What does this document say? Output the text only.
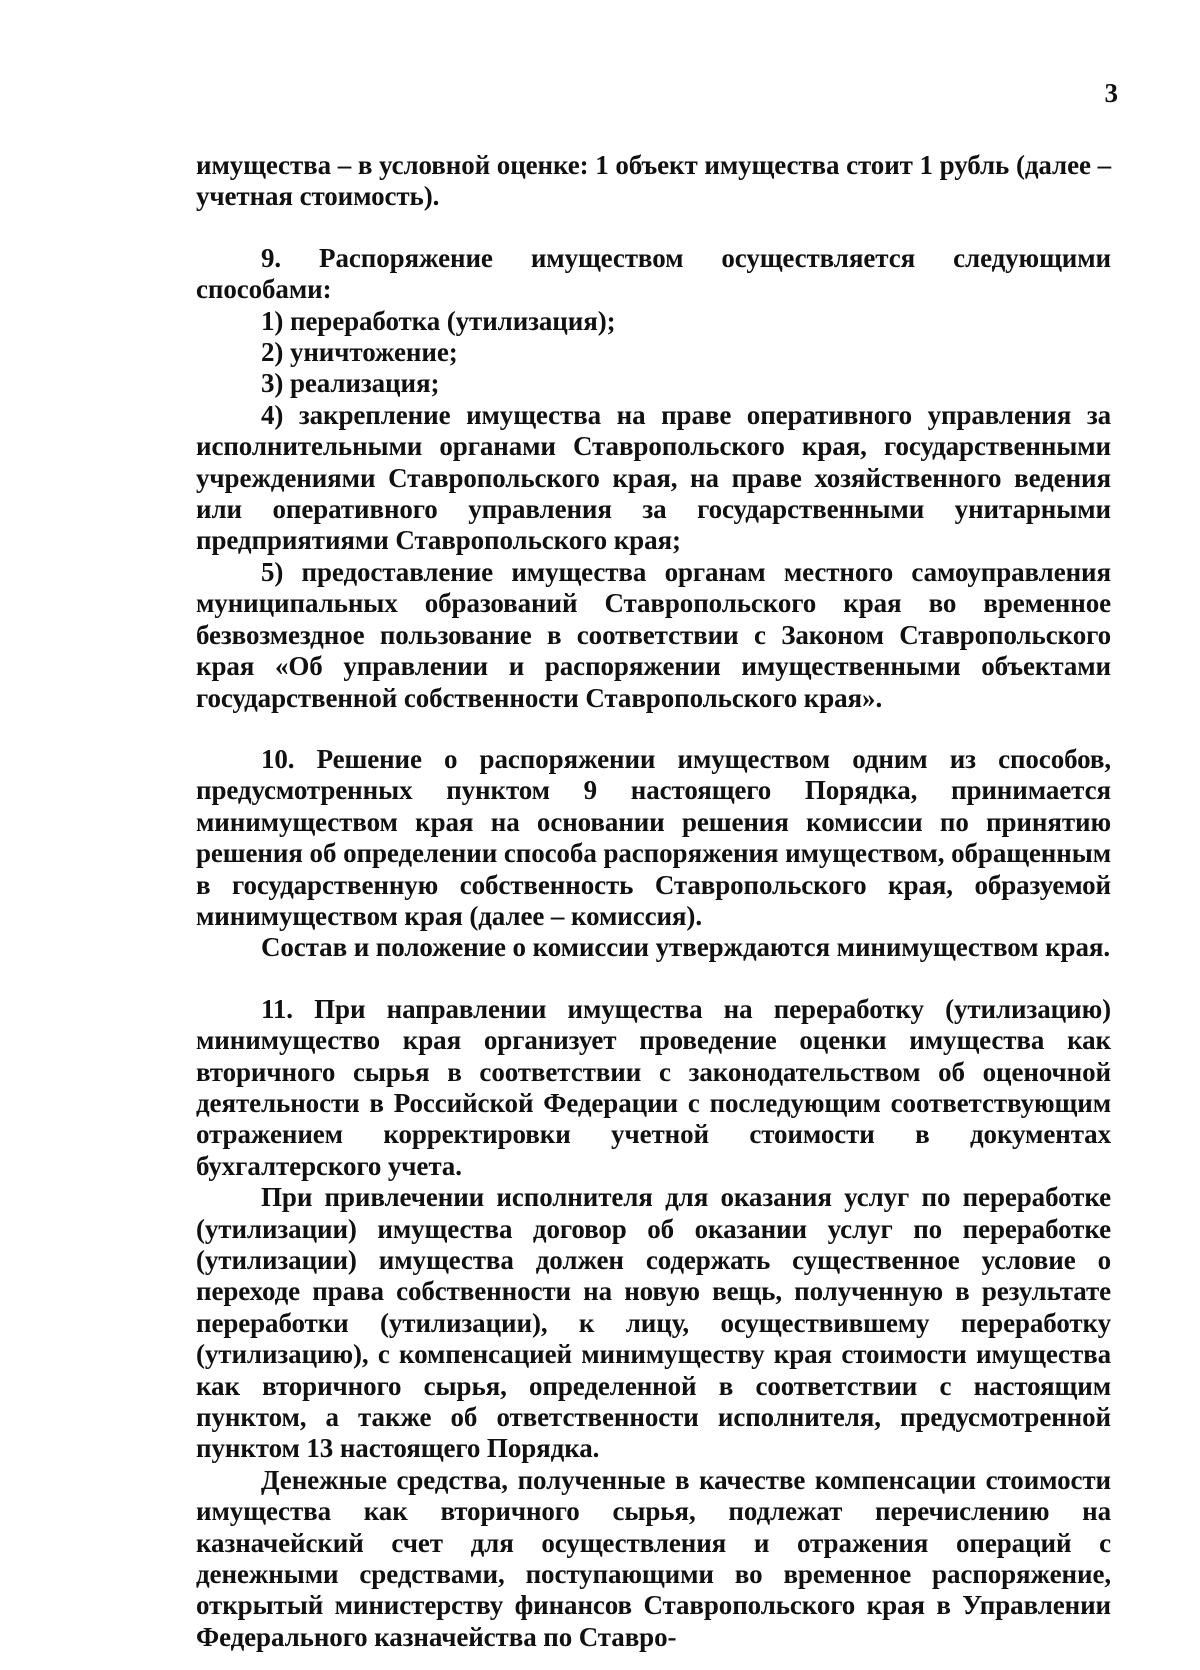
3

имущества – в условной оценке: 1 объект имущества стоит 1 рубль (далее – учетная стоимость).

9. Распоряжение имуществом осуществляется следующими способами:

1) переработка (утилизация);

2) уничтожение;

3) реализация;

4) закрепление имущества на праве оперативного управления за исполнительными органами Ставропольского края, государственными учреждениями Ставропольского края, на праве хозяйственного ведения или оперативного управления за государственными унитарными предприятиями Ставропольского края;

5) предоставление имущества органам местного самоуправления муниципальных образований Ставропольского края во временное безвозмездное пользование в соответствии с Законом Ставропольского края «Об управлении и распоряжении имущественными объектами государственной собственности Ставропольского края».

10. Решение о распоряжении имуществом одним из способов, предусмотренных пунктом 9 настоящего Порядка, принимается минимуществом края на основании решения комиссии по принятию решения об определении способа распоряжения имуществом, обращенным в государственную собственность Ставропольского края, образуемой минимуществом края (далее – комиссия).

Состав и положение о комиссии утверждаются минимуществом края.

11. При направлении имущества на переработку (утилизацию) минимущество края организует проведение оценки имущества как вторичного сырья в соответствии с законодательством об оценочной деятельности в Российской Федерации с последующим соответствующим отражением корректировки учетной стоимости в документах бухгалтерского учета.

При привлечении исполнителя для оказания услуг по переработке (утилизации) имущества договор об оказании услуг по переработке (утилизации) имущества должен содержать существенное условие о переходе права собственности на новую вещь, полученную в результате переработки (утилизации), к лицу, осуществившему переработку (утилизацию), с компенсацией минимуществу края стоимости имущества как вторичного сырья, определенной в соответствии с настоящим пунктом, а также об ответственности исполнителя, предусмотренной пунктом 13 настоящего Порядка.

Денежные средства, полученные в качестве компенсации стоимости имущества как вторичного сырья, подлежат перечислению на казначейский счет для осуществления и отражения операций с денежными средствами, поступающими во временное распоряжение, открытый министерству финансов Ставропольского края в Управлении Федерального казначейства по Ставро-
